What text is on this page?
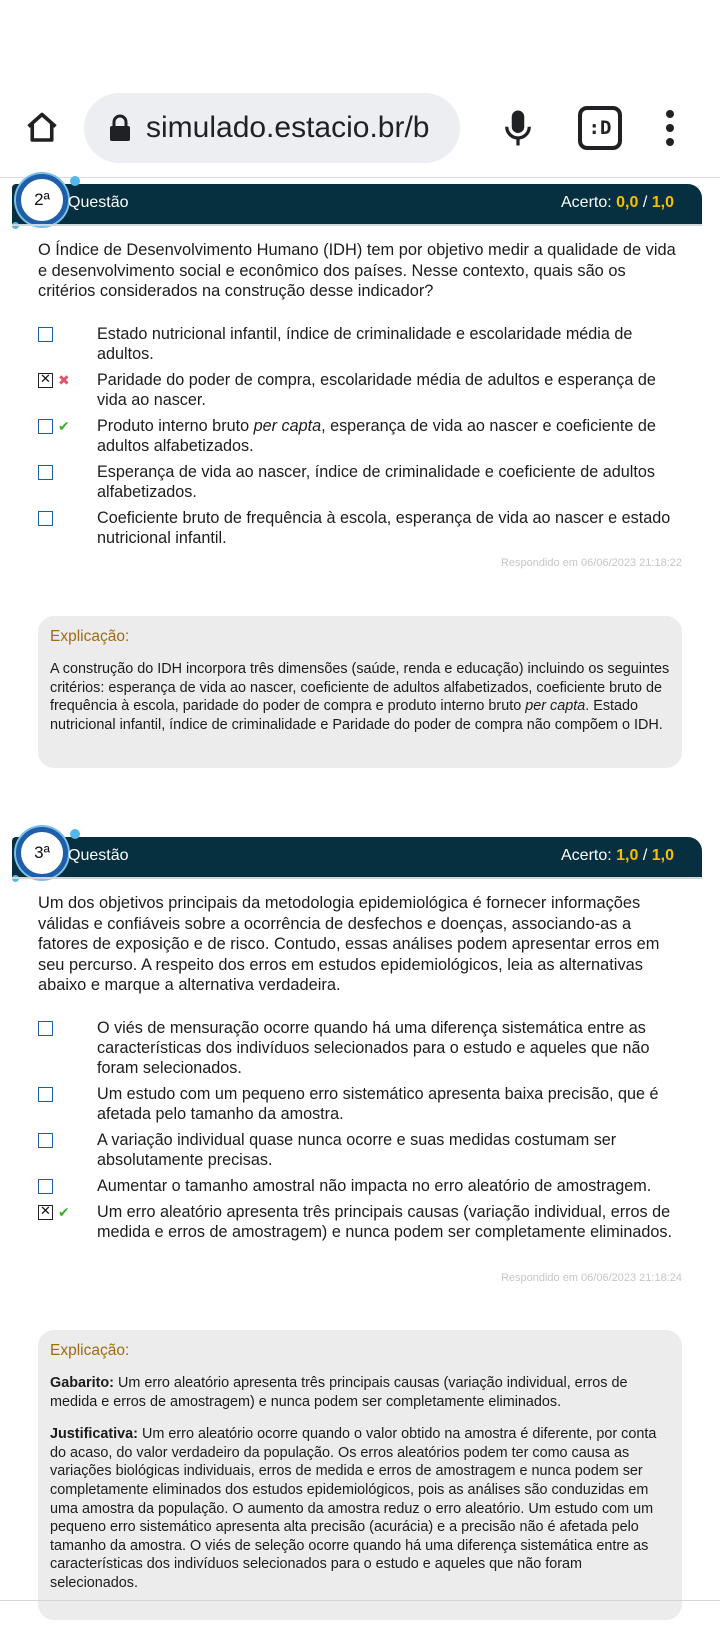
simulado.estacio.br/b	:D
2ª Questão	Acerto: 0,0 / 1,0
O Índice de Desenvolvimento Humano (IDH) tem por objetivo medir a qualidade de vida e desenvolvimento social e econômico dos países. Nesse contexto, quais são os critérios considerados na construção desse indicador?
Estado nutricional infantil, índice de criminalidade e escolaridade média de adultos.
✕
✖ Paridade do poder de compra, escolaridade média de adultos e esperança de vida ao nascer.
✔ Produto interno bruto per capta, esperança de vida ao nascer e coeficiente de adultos alfabetizados.
Esperança de vida ao nascer, índice de criminalidade e coeficiente de adultos alfabetizados.
Coeficiente bruto de frequência à escola, esperança de vida ao nascer e estado nutricional infantil.
Respondido em 06/06/2023 21:18:22
Explicação:

A construção do IDH incorpora três dimensões (saúde, renda e educação) incluindo os seguintes critérios: esperança de vida ao nascer, coeficiente de adultos alfabetizados, coeficiente bruto de frequência à escola, paridade do poder de compra e produto interno bruto per capta. Estado nutricional infantil, índice de criminalidade e Paridade do poder de compra não compõem o IDH.

3ª Questão	Acerto: 1,0 / 1,0
Um dos objetivos principais da metodologia epidemiológica é fornecer informações válidas e confiáveis sobre a ocorrência de desfechos e doenças, associando-as a fatores de exposição e de risco. Contudo, essas análises podem apresentar erros em seu percurso. A respeito dos erros em estudos epidemiológicos, leia as alternativas abaixo e marque a alternativa verdadeira.
O viés de mensuração ocorre quando há uma diferença sistemática entre as características dos indivíduos selecionados para o estudo e aqueles que não foram selecionados.
Um estudo com um pequeno erro sistemático apresenta baixa precisão, que é afetada pelo tamanho da amostra.
A variação individual quase nunca ocorre e suas medidas costumam ser absolutamente precisas.
Aumentar o tamanho amostral não impacta no erro aleatório de amostragem.
✕
✔ Um erro aleatório apresenta três principais causas (variação individual, erros de medida e erros de amostragem) e nunca podem ser completamente eliminados.
Respondido em 06/06/2023 21:18:24
Explicação:

Gabarito: Um erro aleatório apresenta três principais causas (variação individual, erros de medida e erros de amostragem) e nunca podem ser completamente eliminados.

Justificativa: Um erro aleatório ocorre quando o valor obtido na amostra é diferente, por conta do acaso, do valor verdadeiro da população. Os erros aleatórios podem ter como causa as variações biológicas individuais, erros de medida e erros de amostragem e nunca podem ser completamente eliminados dos estudos epidemiológicos, pois as análises são conduzidas em uma amostra da população. O aumento da amostra reduz o erro aleatório. Um estudo com um pequeno erro sistemático apresenta alta precisão (acurácia) e a precisão não é afetada pelo tamanho da amostra. O viés de seleção ocorre quando há uma diferença sistemática entre as características dos indivíduos selecionados para o estudo e aqueles que não foram selecionados.
